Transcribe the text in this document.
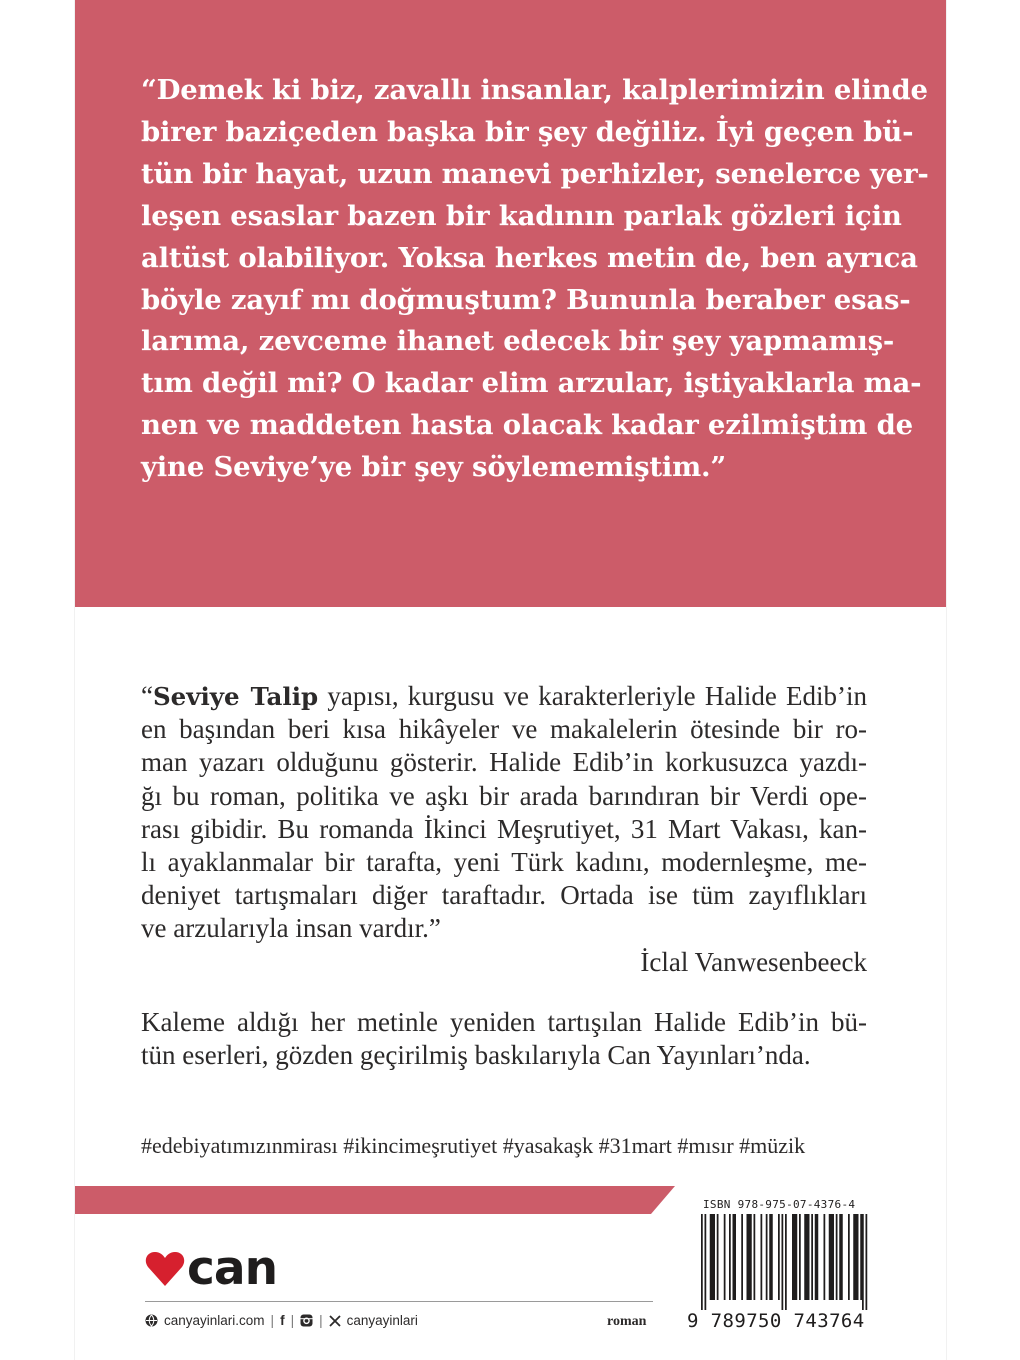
“Demek ki biz, zavallı insanlar, kalplerimizin elinde
birer baziçeden başka bir şey değiliz. İyi geçen bü-
tün bir hayat, uzun manevi perhizler, senelerce yer-
leşen esaslar bazen bir kadının parlak gözleri için
altüst olabiliyor. Yoksa herkes metin de, ben ayrıca
böyle zayıf mı doğmuştum? Bununla beraber esas-
larıma, zevceme ihanet edecek bir şey yapmamış-
tım değil mi? O kadar elim arzular, iştiyaklarla ma-
nen ve maddeten hasta olacak kadar ezilmiştim de
yine Seviye’ye bir şey söylememiştim.”

“Seviye Talip yapısı, kurgusu ve karakterleriyle Halide Edib’in
en başından beri kısa hikâyeler ve makalelerin ötesinde bir ro-
man yazarı olduğunu gösterir. Halide Edib’in korkusuzca yazdı-
ğı bu roman, politika ve aşkı bir arada barındıran bir Verdi ope-
rası gibidir. Bu romanda İkinci Meşrutiyet, 31 Mart Vakası, kan-
lı ayaklanmalar bir tarafta, yeni Türk kadını, modernleşme, me-
deniyet tartışmaları diğer taraftadır. Ortada ise tüm zayıflıkları
ve arzularıyla insan vardır.”
İclal Vanwesenbeeck
Kaleme aldığı her metinle yeniden tartışılan Halide Edib’in bü-
tün eserleri, gözden geçirilmiş baskılarıyla Can Yayınları’nda.
#edebiyatımızınmirası #ikincimeşrutiyet #yasakaşk #31mart #mısır #müzik
can
canyayinlari.com | f | | canyayinlari	roman
ISBN 978-975-07-4376-4
9 789750 743764
